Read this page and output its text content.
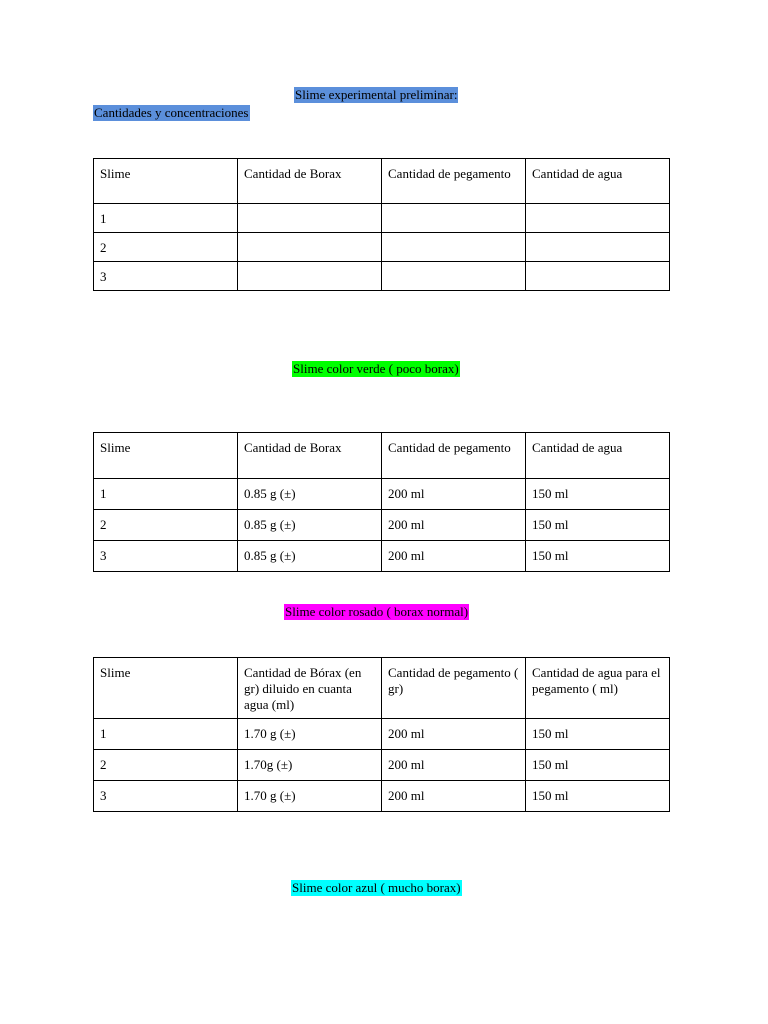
Slime experimental preliminar:
Cantidades y concentraciones
Slime	Cantidad de Borax	Cantidad de pegamento	Cantidad de agua
1			
2			
3			
Slime color verde ( poco borax)
Slime	Cantidad de Borax	Cantidad de pegamento	Cantidad de agua
1	0.85 g (±)	200 ml	150 ml
2	0.85 g (±)	200 ml	150 ml
3	0.85 g (±)	200 ml	150 ml
Slime color rosado ( borax normal)
Slime	Cantidad de Bórax (en gr) diluido en cuanta agua (ml)	Cantidad de pegamento ( gr)	Cantidad de agua para el pegamento ( ml)
1	1.70 g (±)	200 ml	150 ml
2	1.70g (±)	200 ml	150 ml
3	1.70 g (±)	200 ml	150 ml
Slime color azul ( mucho borax)
